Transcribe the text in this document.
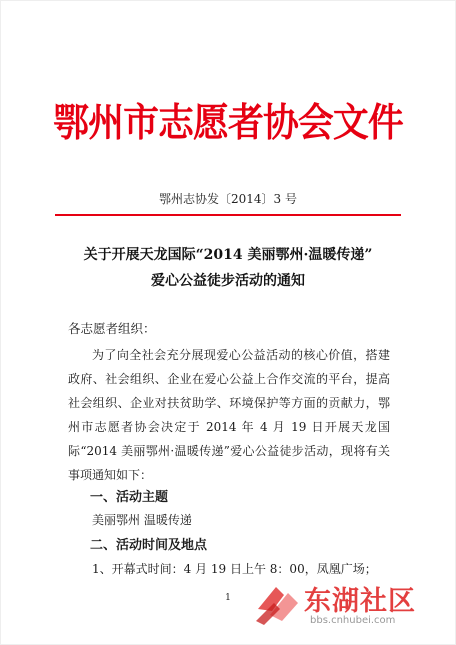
鄂州市志愿者协会文件
鄂州志协发〔2014〕3 号
关于开展天龙国际“2014 美丽鄂州·温暖传递”
爱心公益徒步活动的通知
各志愿者组织：
为了向全社会充分展现爱心公益活动的核心价值，搭建政府、社会组织、企业在爱心公益上合作交流的平台，提高社会组织、企业对扶贫助学、环境保护等方面的贡献力，鄂州市志愿者协会决定于 2014 年 4 月 19 日开展天龙国际“2014 美丽鄂州·温暖传递”爱心公益徒步活动，现将有关事项通知如下：
一、活动主题
美丽鄂州 温暖传递
二、活动时间及地点
1、开幕式时间：4 月 19 日上午 8：00，凤凰广场；
1	东湖社区
bbs.cnhubei.com
